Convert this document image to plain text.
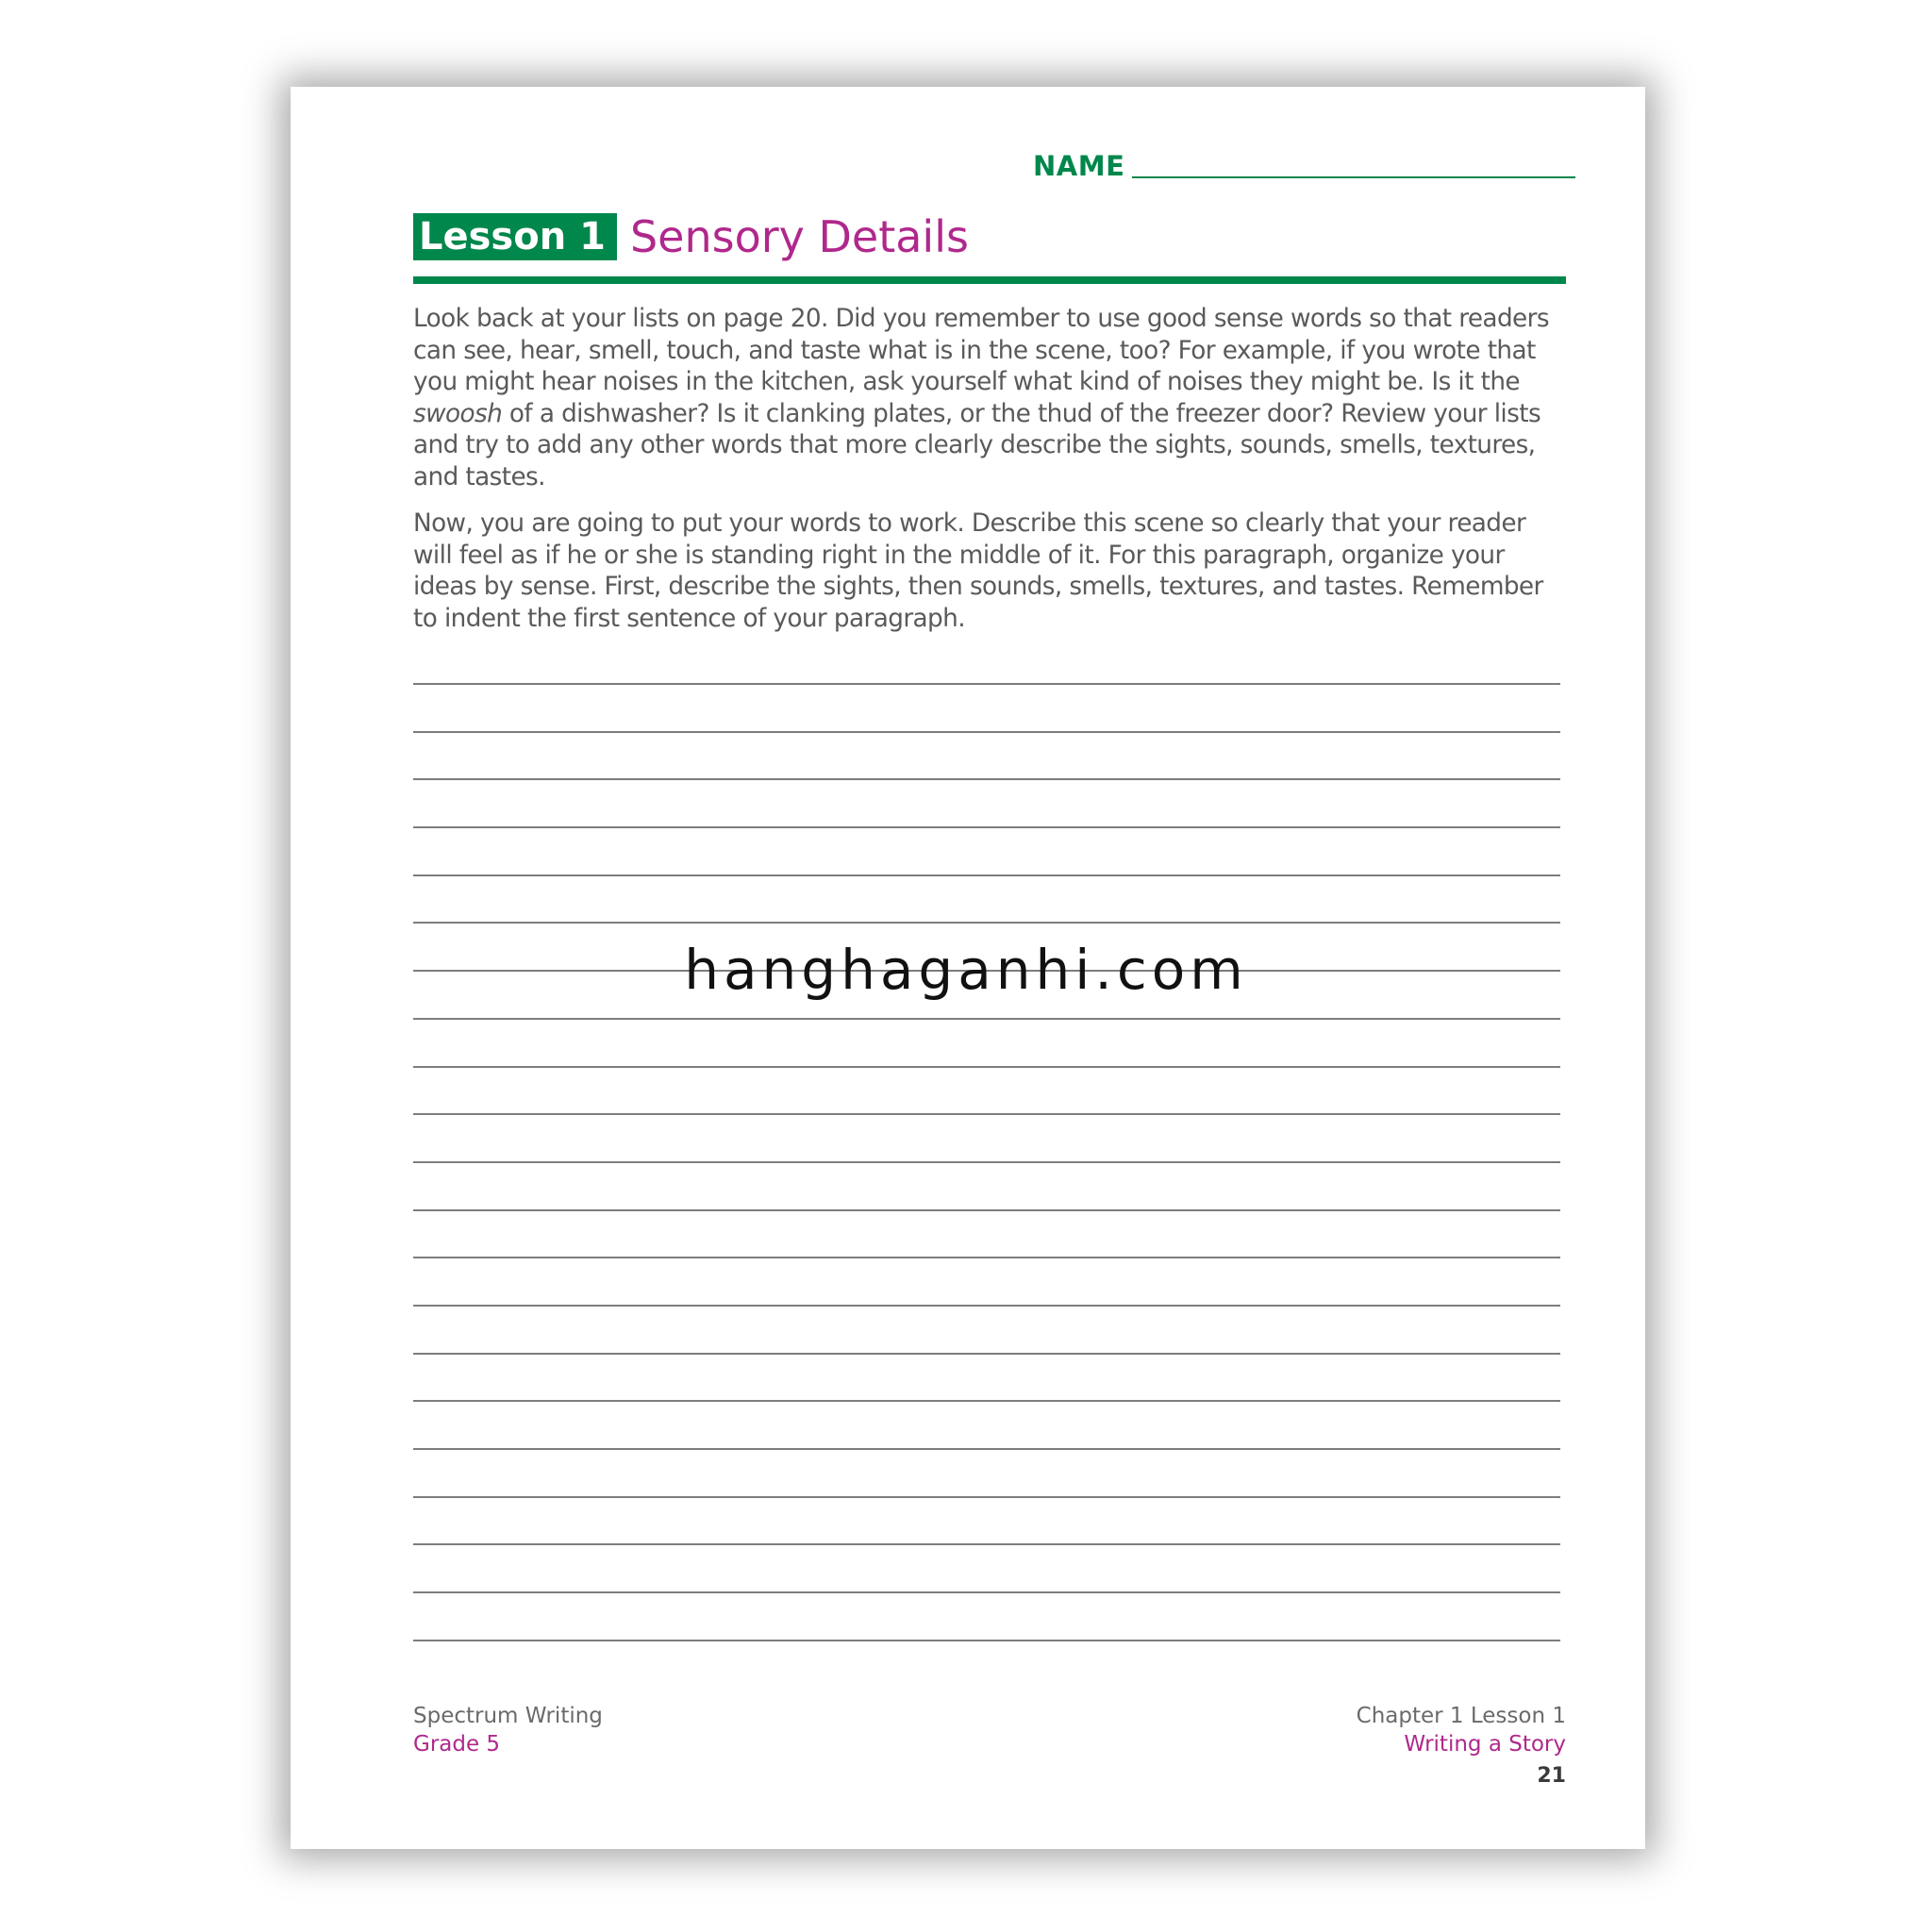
NAME
Lesson 1 Sensory Details

Look back at your lists on page 20. Did you remember to use good sense words so that readers can see, hear, smell, touch, and taste what is in the scene, too? For example, if you wrote that you might hear noises in the kitchen, ask yourself what kind of noises they might be. Is it the swoosh of a dishwasher? Is it clanking plates, or the thud of the freezer door? Review your lists and try to add any other words that more clearly describe the sights, sounds, smells, textures, and tastes.

Now, you are going to put your words to work. Describe this scene so clearly that your reader will feel as if he or she is standing right in the middle of it. For this paragraph, organize your ideas by sense. First, describe the sights, then sounds, smells, textures, and tastes. Remember to indent the first sentence of your paragraph.

Spectrum Writing
Grade 5
Chapter 1 Lesson 1
Writing a Story
21
hanghaganhi.com
